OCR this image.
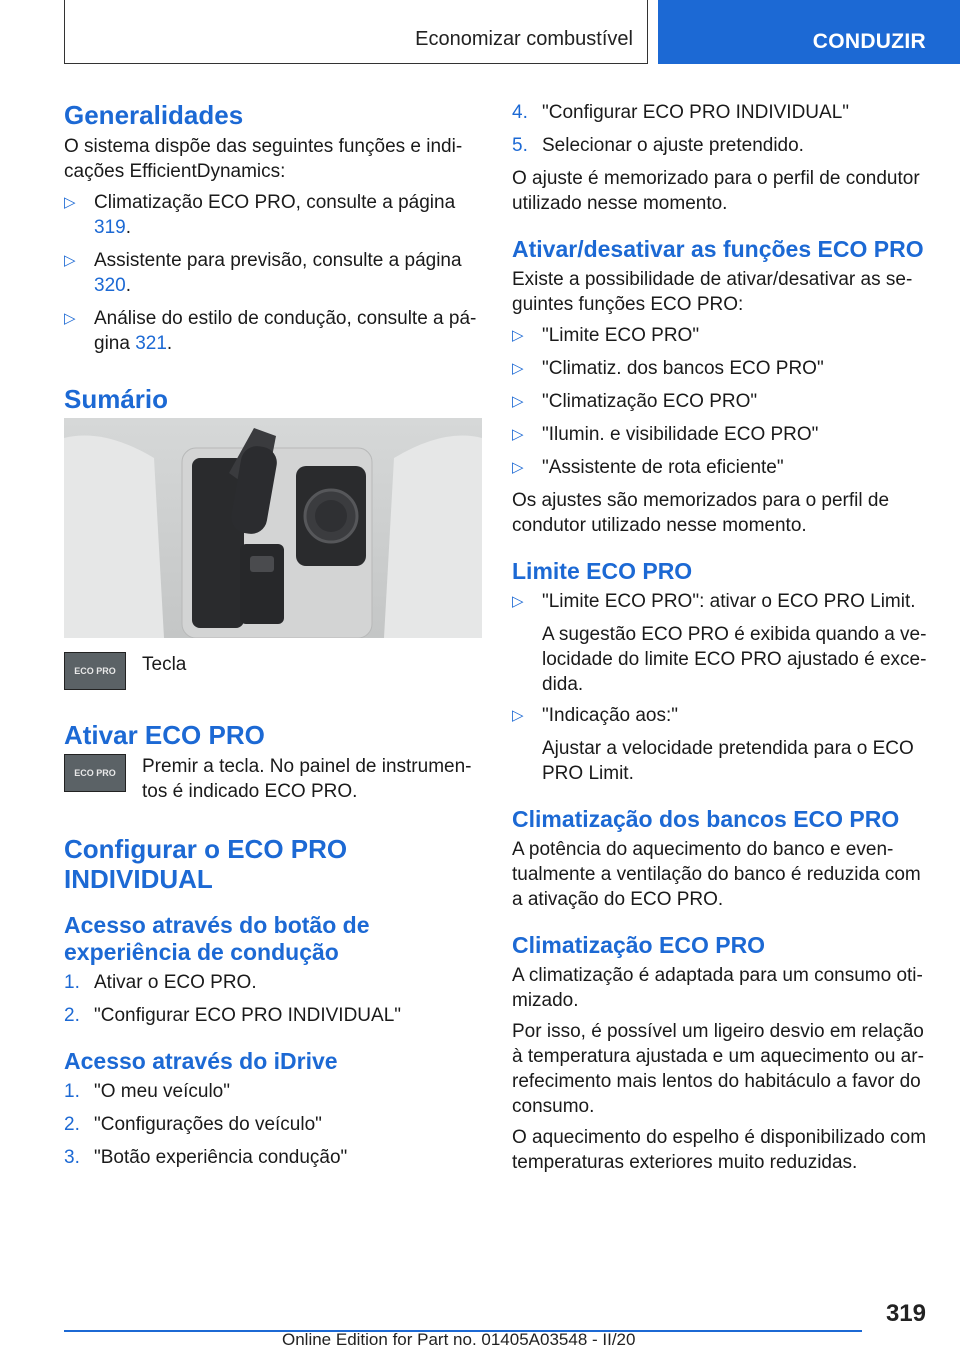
Economizar combustível	CONDUZIR
Generalidades

O sistema dispõe das seguintes funções e indicações EfficientDynamics:

▷ Climatização ECO PRO, consulte a página 319.
▷ Assistente para previsão, consulte a página 320.
▷ Análise do estilo de condução, consulte a página 321.
Sumário
ECO PRO	Tecla
Ativar ECO PRO
ECO PRO	Premir a tecla. No painel de instrumentos é indicado ECO PRO.
Configurar o ECO PRO INDIVIDUAL
Acesso através do botão de experiência de condução
1. Ativar o ECO PRO.
2. "Configurar ECO PRO INDIVIDUAL"
Acesso através do iDrive
1. "O meu veículo"
2. "Configurações do veículo"
3. "Botão experiência condução"
4. "Configurar ECO PRO INDIVIDUAL"
5. Selecionar o ajuste pretendido.

O ajuste é memorizado para o perfil de condutor utilizado nesse momento.

Ativar/desativar as funções ECO PRO

Existe a possibilidade de ativar/desativar as seguintes funções ECO PRO:

▷ "Limite ECO PRO"
▷ "Climatiz. dos bancos ECO PRO"
▷ "Climatização ECO PRO"
▷ "Ilumin. e visibilidade ECO PRO"
▷ "Assistente de rota eficiente"

Os ajustes são memorizados para o perfil de condutor utilizado nesse momento.

Limite ECO PRO
▷ "Limite ECO PRO": ativar o ECO PRO Limit.

A sugestão ECO PRO é exibida quando a velocidade do limite ECO PRO ajustado é excedida.

▷ "Indicação aos:"

Ajustar a velocidade pretendida para o ECO PRO Limit.

Climatização dos bancos ECO PRO

A potência do aquecimento do banco e eventualmente a ventilação do banco é reduzida com a ativação do ECO PRO.

Climatização ECO PRO

A climatização é adaptada para um consumo otimizado.

Por isso, é possível um ligeiro desvio em relação à temperatura ajustada e um aquecimento ou arrefecimento mais lentos do habitáculo a favor do consumo.

O aquecimento do espelho é disponibilizado com temperaturas exteriores muito reduzidas.

319
Online Edition for Part no. 01405A03548 - II/20
